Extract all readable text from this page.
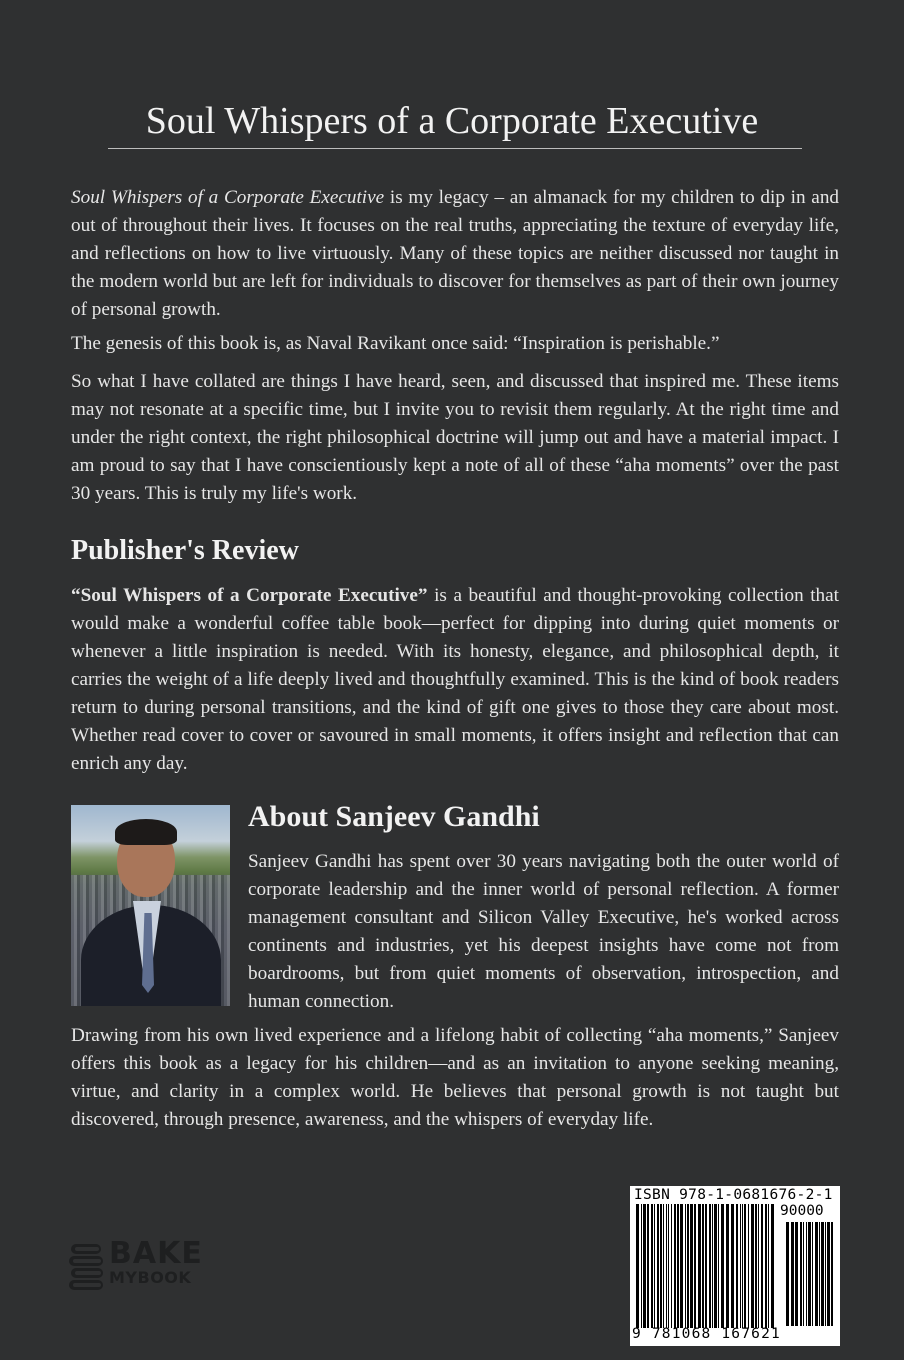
Soul Whispers of a Corporate Executive

Soul Whispers of a Corporate Executive is my legacy – an almanack for my children to dip in and out of throughout their lives. It focuses on the real truths, appreciating the texture of everyday life, and reflections on how to live virtuously. Many of these topics are neither discussed nor taught in the modern world but are left for individuals to discover for themselves as part of their own journey of personal growth.

The genesis of this book is, as Naval Ravikant once said: “Inspiration is perishable.”

So what I have collated are things I have heard, seen, and discussed that inspired me. These items may not resonate at a specific time, but I invite you to revisit them regularly. At the right time and under the right context, the right philosophical doctrine will jump out and have a material impact. I am proud to say that I have conscientiously kept a note of all of these “aha moments” over the past 30 years. This is truly my life's work.

Publisher's Review

“Soul Whispers of a Corporate Executive” is a beautiful and thought-provoking collection that would make a wonderful coffee table book—perfect for dipping into during quiet moments or whenever a little inspiration is needed. With its honesty, elegance, and philosophical depth, it carries the weight of a life deeply lived and thoughtfully examined. This is the kind of book readers return to during personal transitions, and the kind of gift one gives to those they care about most. Whether read cover to cover or savoured in small moments, it offers insight and reflection that can enrich any day.

About Sanjeev Gandhi

Sanjeev Gandhi has spent over 30 years navigating both the outer world of corporate leadership and the inner world of personal reflection. A former management consultant and Silicon Valley Executive, he's worked across continents and industries, yet his deepest insights have come not from boardrooms, but from quiet moments of observation, introspection, and human connection.

Drawing from his own lived experience and a lifelong habit of collecting “aha moments,” Sanjeev offers this book as a legacy for his children—and as an invitation to anyone seeking meaning, virtue, and clarity in a complex world. He believes that personal growth is not taught but discovered, through presence, awareness, and the whispers of everyday life.

BAKE
MYBOOK
ISBN 978-1-0681676-2-1
90000
9 781068 167621
